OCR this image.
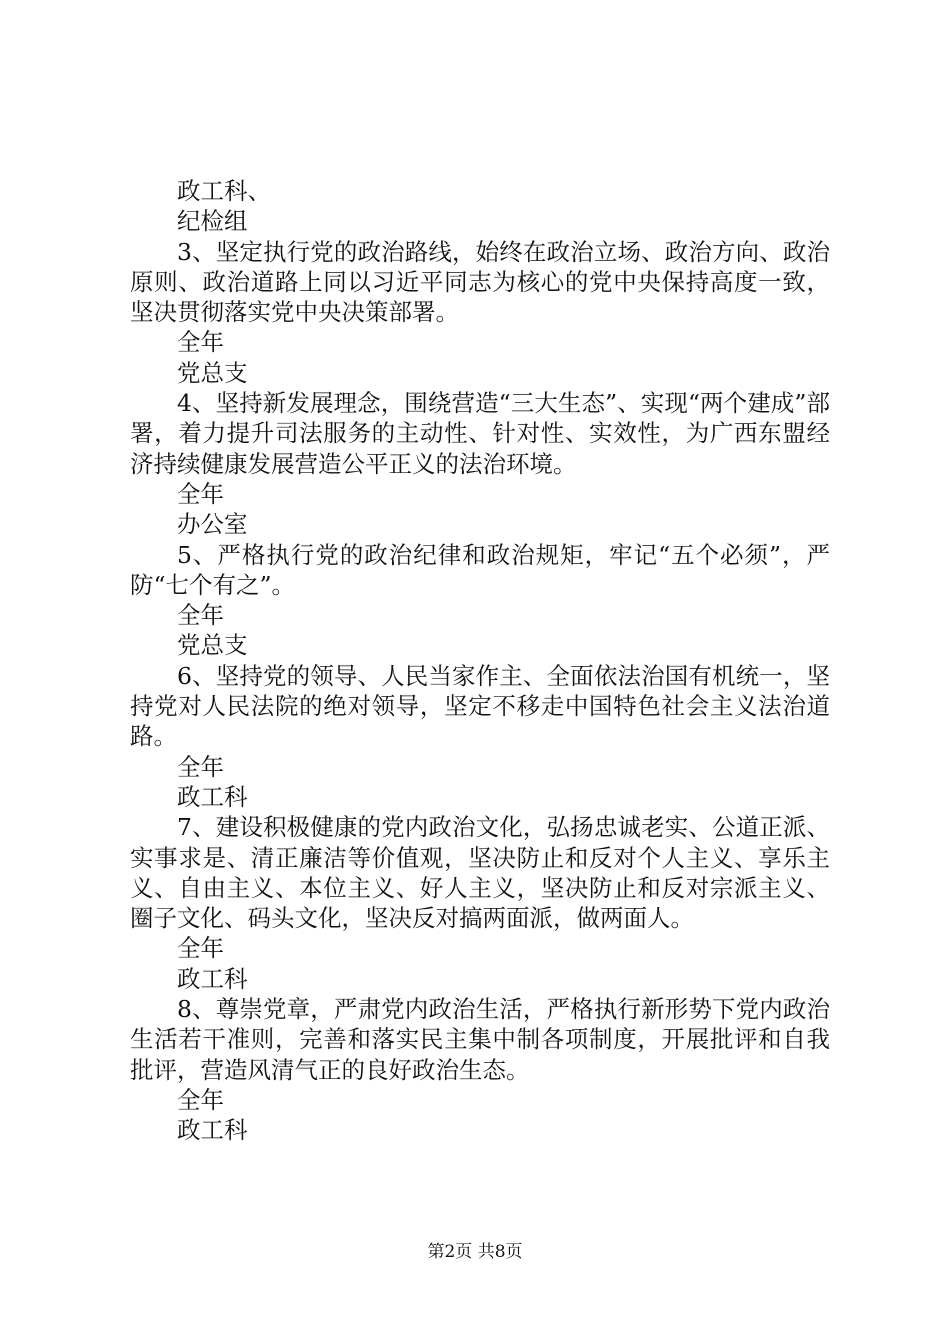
政工科、
纪检组

3、坚定执行党的政治路线，始终在政治立场、政治方向、政治原则、政治道路上同以习近平同志为核心的党中央保持高度一致，坚决贯彻落实党中央决策部署。

全年
党总支

4、坚持新发展理念，围绕营造“三大生态”、实现“两个建成”部署，着力提升司法服务的主动性、针对性、实效性，为广西东盟经济持续健康发展营造公平正义的法治环境。

全年
办公室

5、严格执行党的政治纪律和政治规矩，牢记“五个必须”，严防“七个有之”。

全年
党总支

6、坚持党的领导、人民当家作主、全面依法治国有机统一，坚持党对人民法院的绝对领导，坚定不移走中国特色社会主义法治道路。

全年
政工科

7、建设积极健康的党内政治文化，弘扬忠诚老实、公道正派、实事求是、清正廉洁等价值观，坚决防止和反对个人主义、享乐主义、自由主义、本位主义、好人主义，坚决防止和反对宗派主义、圈子文化、码头文化，坚决反对搞两面派，做两面人。

全年
政工科

8、尊崇党章，严肃党内政治生活，严格执行新形势下党内政治生活若干准则，完善和落实民主集中制各项制度，开展批评和自我批评，营造风清气正的良好政治生态。

全年
政工科
第2页 共8页
